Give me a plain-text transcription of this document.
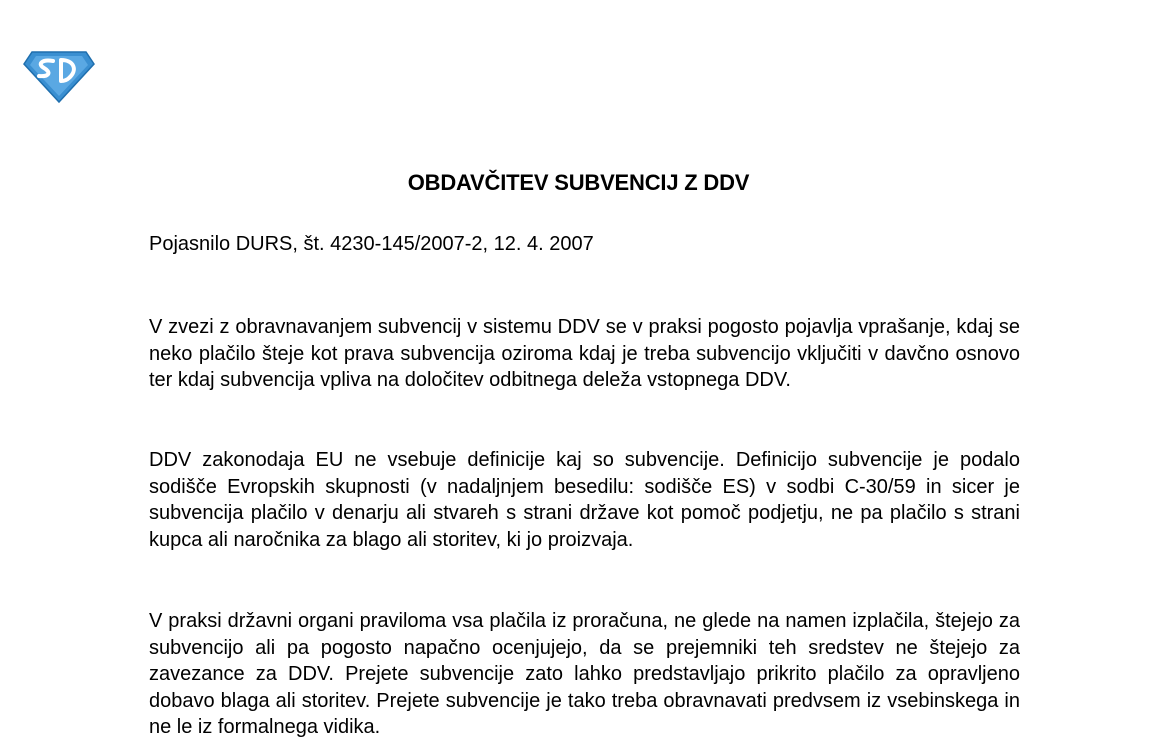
OBDAVČITEV SUBVENCIJ Z DDV

Pojasnilo DURS, št. 4230-145/2007-2, 12. 4. 2007

V zvezi z obravnavanjem subvencij v sistemu DDV se v praksi pogosto pojavlja vprašanje, kdaj se neko plačilo šteje kot prava subvencija oziroma kdaj je treba subvencijo vključiti v davčno osnovo ter kdaj subvencija vpliva na določitev odbitnega deleža vstopnega DDV.

DDV zakonodaja EU ne vsebuje definicije kaj so subvencije. Definicijo subvencije je podalo sodišče Evropskih skupnosti (v nadaljnjem besedilu: sodišče ES) v sodbi C-30/59 in sicer je subvencija plačilo v denarju ali stvareh s strani države kot pomoč podjetju, ne pa plačilo s strani kupca ali naročnika za blago ali storitev, ki jo proizvaja.

V praksi državni organi praviloma vsa plačila iz proračuna, ne glede na namen izplačila, štejejo za subvencijo ali pa pogosto napačno ocenjujejo, da se prejemniki teh sredstev ne štejejo za zavezance za DDV. Prejete subvencije zato lahko predstavljajo prikrito plačilo za opravljeno dobavo blaga ali storitev. Prejete subvencije je tako treba obravnavati predvsem iz vsebinskega in ne le iz formalnega vidika.
